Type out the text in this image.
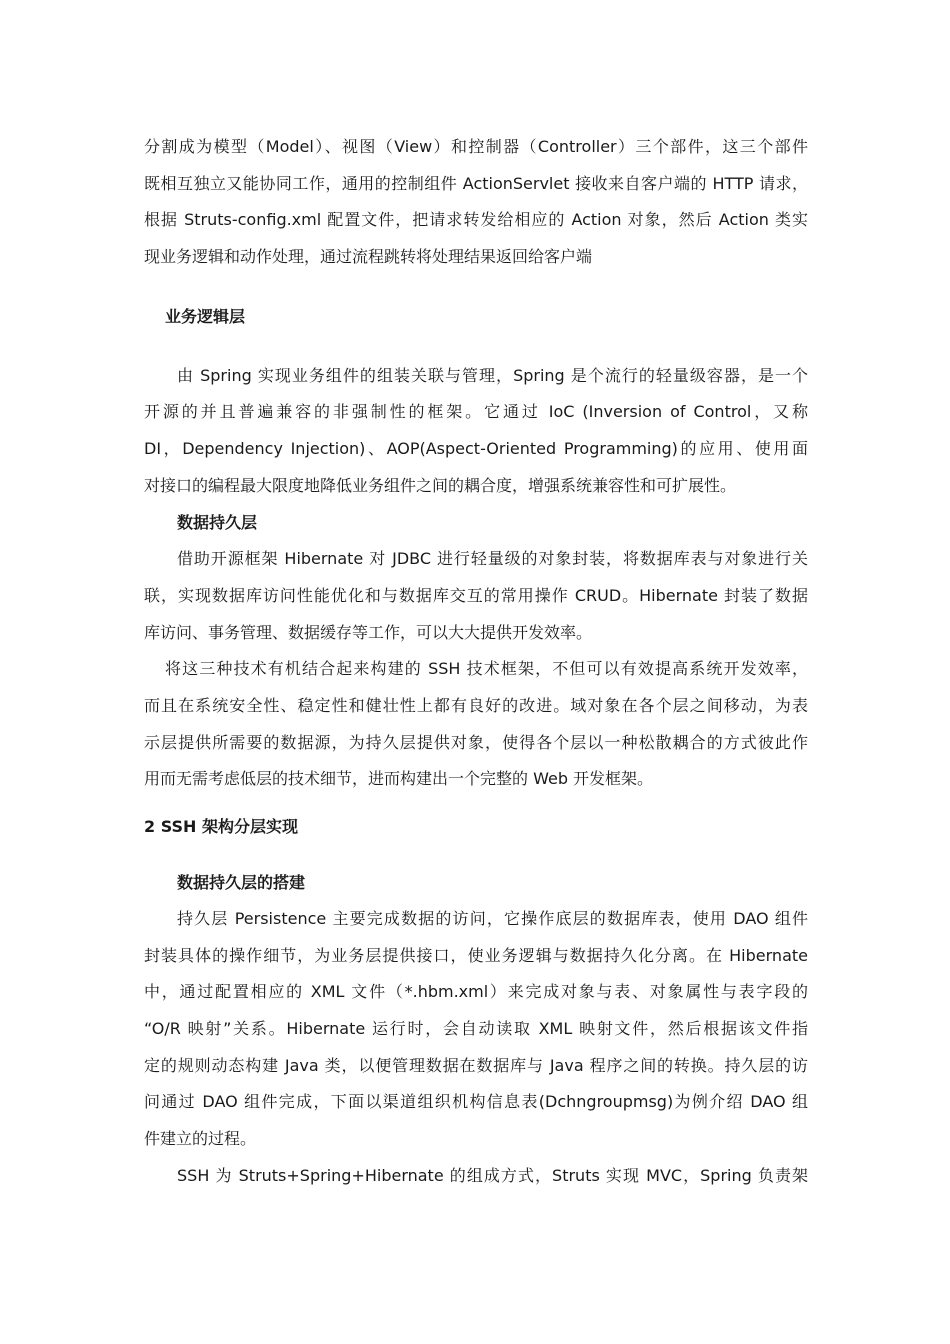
分割成为模型（Model）、视图（View）和控制器（Controller）三个部件，这三个部件
既相互独立又能协同工作，通用的控制组件 ActionServlet 接收来自客户端的 HTTP 请求，
根据 Struts-config.xml 配置文件，把请求转发给相应的 Action 对象，然后 Action 类实
现业务逻辑和动作处理，通过流程跳转将处理结果返回给客户端
业务逻辑层
由 Spring 实现业务组件的组装关联与管理，Spring 是个流行的轻量级容器，是一个
开源的并且普遍兼容的非强制性的框架。它通过 IoC (Inversion of Control，又称
DI，Dependency Injection)、AOP(Aspect-Oriented Programming)的应用、使用面
对接口的编程最大限度地降低业务组件之间的耦合度，增强系统兼容性和可扩展性。
数据持久层
借助开源框架 Hibernate 对 JDBC 进行轻量级的对象封装，将数据库表与对象进行关
联，实现数据库访问性能优化和与数据库交互的常用操作 CRUD。Hibernate 封装了数据
库访问、事务管理、数据缓存等工作，可以大大提供开发效率。
将这三种技术有机结合起来构建的 SSH 技术框架，不但可以有效提高系统开发效率，
而且在系统安全性、稳定性和健壮性上都有良好的改进。域对象在各个层之间移动，为表
示层提供所需要的数据源，为持久层提供对象，使得各个层以一种松散耦合的方式彼此作
用而无需考虑低层的技术细节，进而构建出一个完整的 Web 开发框架。
2 SSH 架构分层实现
数据持久层的搭建
持久层 Persistence 主要完成数据的访问，它操作底层的数据库表，使用 DAO 组件
封装具体的操作细节，为业务层提供接口，使业务逻辑与数据持久化分离。在 Hibernate
中，通过配置相应的 XML 文件（*.hbm.xml）来完成对象与表、对象属性与表字段的
“O/R 映射”关系。Hibernate 运行时，会自动读取 XML 映射文件，然后根据该文件指
定的规则动态构建 Java 类，以便管理数据在数据库与 Java 程序之间的转换。持久层的访
问通过 DAO 组件完成，下面以渠道组织机构信息表(Dchngroupmsg)为例介绍 DAO 组
件建立的过程。
SSH 为 Struts+Spring+Hibernate 的组成方式，Struts 实现 MVC，Spring 负责架
